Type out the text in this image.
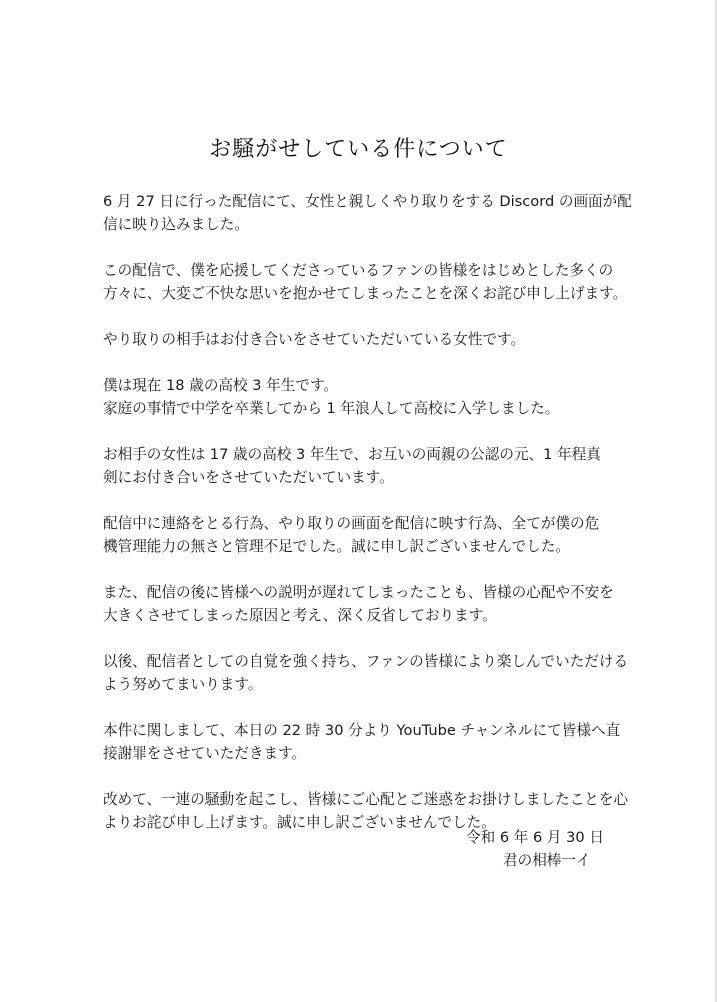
お騒がせしている件について

6 月 27 日に行った配信にて、女性と親しくやり取りをする Discord の画面が配
信に映り込みました。

この配信で、僕を応援してくださっているファンの皆様をはじめとした多くの
方々に、大変ご不快な思いを抱かせてしまったことを深くお詫び申し上げます。

やり取りの相手はお付き合いをさせていただいている女性です。

僕は現在 18 歳の高校 3 年生です。
家庭の事情で中学を卒業してから 1 年浪人して高校に入学しました。

お相手の女性は 17 歳の高校 3 年生で、お互いの両親の公認の元、1 年程真
剣にお付き合いをさせていただいています。

配信中に連絡をとる行為、やり取りの画面を配信に映す行為、全てが僕の危
機管理能力の無さと管理不足でした。誠に申し訳ございませんでした。

また、配信の後に皆様への説明が遅れてしまったことも、皆様の心配や不安を
大きくさせてしまった原因と考え、深く反省しております。

以後、配信者としての自覚を強く持ち、ファンの皆様により楽しんでいただける
よう努めてまいります。

本件に関しまして、本日の 22 時 30 分より YouTube チャンネルにて皆様へ直
接謝罪をさせていただきます。

改めて、一連の騒動を起こし、皆様にご心配とご迷惑をお掛けしましたことを心
よりお詫び申し上げます。誠に申し訳ございませんでした。

令和 6 年 6 月 30 日
君の相棒一イ
